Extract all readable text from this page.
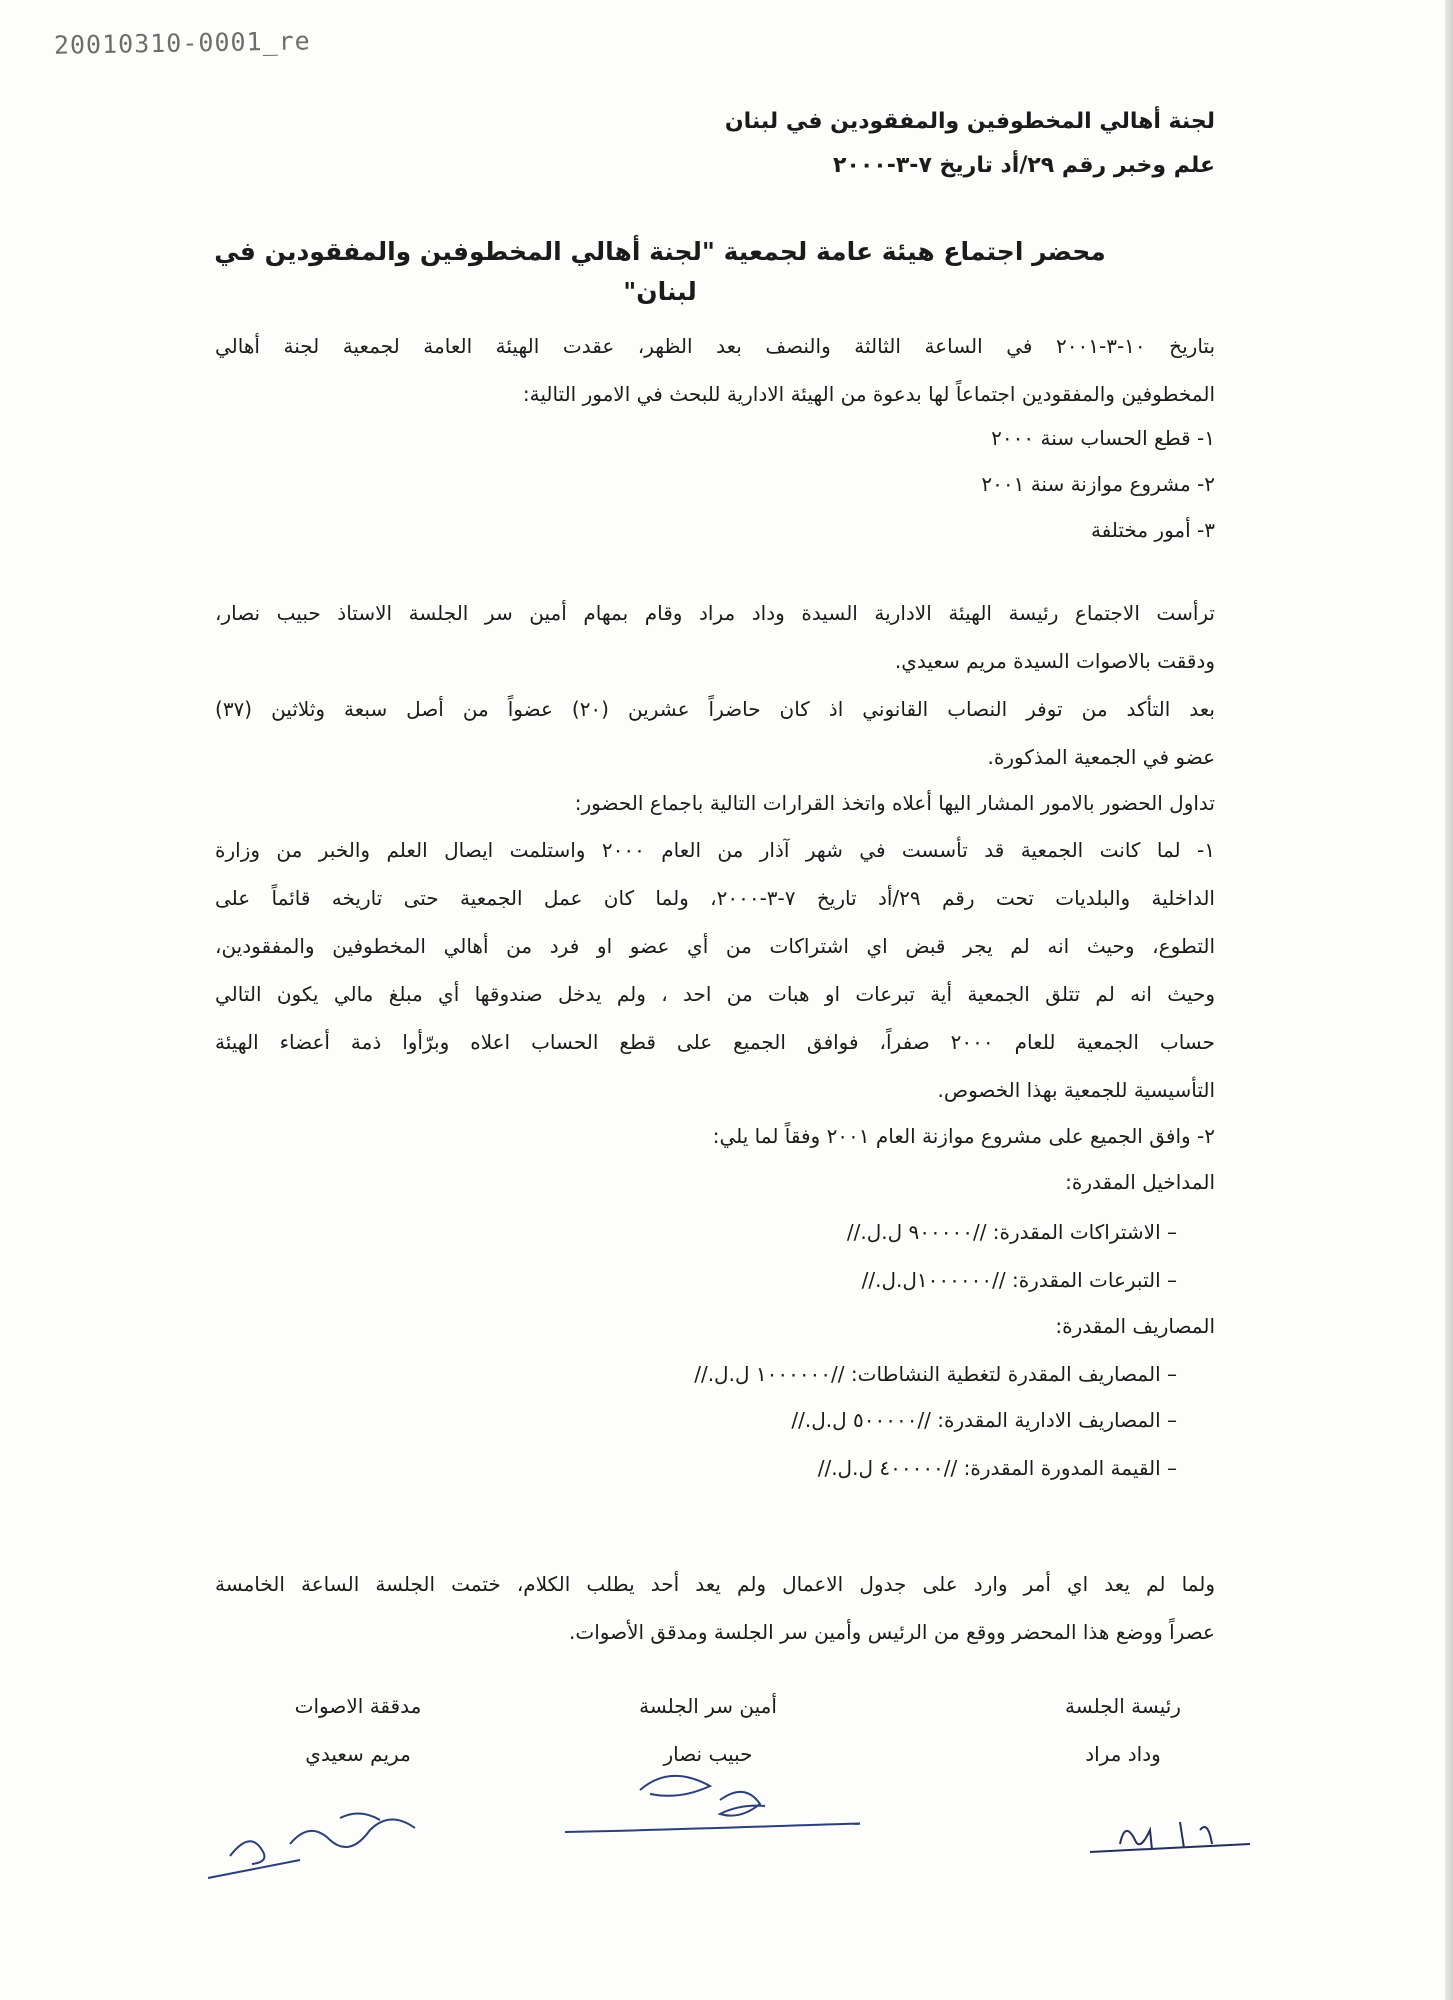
20010310-0001_re
لجنة أهالي المخطوفين والمفقودين في لبنان
علم وخبر رقم ٢٩/أد تاريخ ٧-٣-٢٠٠٠
محضر اجتماع هيئة عامة لجمعية "لجنة أهالي المخطوفين والمفقودين في لبنان"
بتاريخ ١٠-٣-٢٠٠١ في الساعة الثالثة والنصف بعد الظهر، عقدت الهيئة العامة لجمعية لجنة أهالي
المخطوفين والمفقودين اجتماعاً لها بدعوة من الهيئة الادارية للبحث في الامور التالية:
١- قطع الحساب سنة ٢٠٠٠
٢- مشروع موازنة سنة ٢٠٠١
٣- أمور مختلفة
ترأست الاجتماع رئيسة الهيئة الادارية السيدة وداد مراد وقام بمهام أمين سر الجلسة الاستاذ حبيب نصار،
ودققت بالاصوات السيدة مريم سعيدي.
بعد التأكد من توفر النصاب القانوني اذ كان حاضراً عشرين (٢٠) عضواً من أصل سبعة وثلاثين (٣٧)
عضو في الجمعية المذكورة.
تداول الحضور بالامور المشار اليها أعلاه واتخذ القرارات التالية باجماع الحضور:
١- لما كانت الجمعية قد تأسست في شهر آذار من العام ٢٠٠٠ واستلمت ايصال العلم والخبر من وزارة
الداخلية والبلديات تحت رقم ٢٩/أد تاريخ ٧-٣-٢٠٠٠، ولما كان عمل الجمعية حتى تاريخه قائماً على
التطوع، وحيث انه لم يجر قبض اي اشتراكات من أي عضو او فرد من أهالي المخطوفين والمفقودين،
وحيث انه لم تتلق الجمعية أية تبرعات او هبات من احد ، ولم يدخل صندوقها أي مبلغ مالي يكون التالي
حساب الجمعية للعام ٢٠٠٠ صفراً، فوافق الجميع على قطع الحساب اعلاه وبرّأوا ذمة أعضاء الهيئة
التأسيسية للجمعية بهذا الخصوص.
٢- وافق الجميع على مشروع موازنة العام ٢٠٠١ وفقاً لما يلي:
المداخيل المقدرة:
– الاشتراكات المقدرة: //٩٠٠٠٠٠ ل.ل.//
– التبرعات المقدرة: //١٠٠٠٠٠٠ل.ل.//
المصاريف المقدرة:
– المصاريف المقدرة لتغطية النشاطات: //١٠٠٠٠٠٠ ل.ل.//
– المصاريف الادارية المقدرة: //٥٠٠٠٠٠ ل.ل.//
– القيمة المدورة المقدرة: //٤٠٠٠٠٠ ل.ل.//
ولما لم يعد اي أمر وارد على جدول الاعمال ولم يعد أحد يطلب الكلام، ختمت الجلسة الساعة الخامسة
عصراً ووضع هذا المحضر ووقع من الرئيس وأمين سر الجلسة ومدقق الأصوات.
رئيسة الجلسة
وداد مراد
أمين سر الجلسة
حبيب نصار
مدققة الاصوات
مريم سعيدي
